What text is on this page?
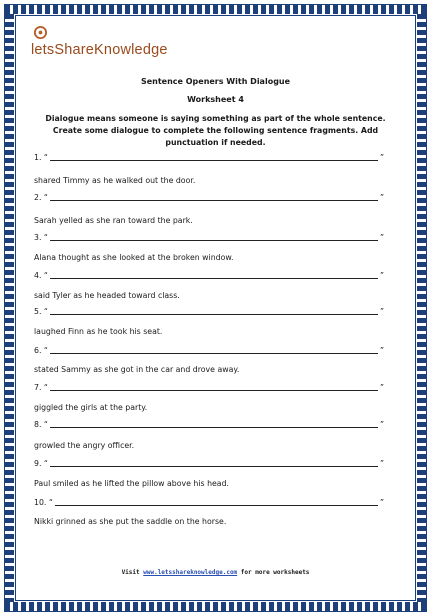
letsShareKnowledge
Sentence Openers With Dialogue
Worksheet 4
Dialogue means someone is saying something as part of the whole sentence. Create some dialogue to complete the following sentence fragments. Add punctuation if needed.
1. “	”
shared Timmy as he walked out the door.
2. “	”
Sarah yelled as she ran toward the park.
3. “	”
Alana thought as she looked at the broken window.
4. “	”
said Tyler as he headed toward class.
5. “	”
laughed Finn as he took his seat.
6. “	”
stated Sammy as she got in the car and drove away.
7. “	”
giggled the girls at the party.
8. “	”
growled the angry officer.
9. “	”
Paul smiled as he lifted the pillow above his head.
10. “	”
Nikki grinned as she put the saddle on the horse.
Visit www.letsshareknowledge.com for more worksheets
